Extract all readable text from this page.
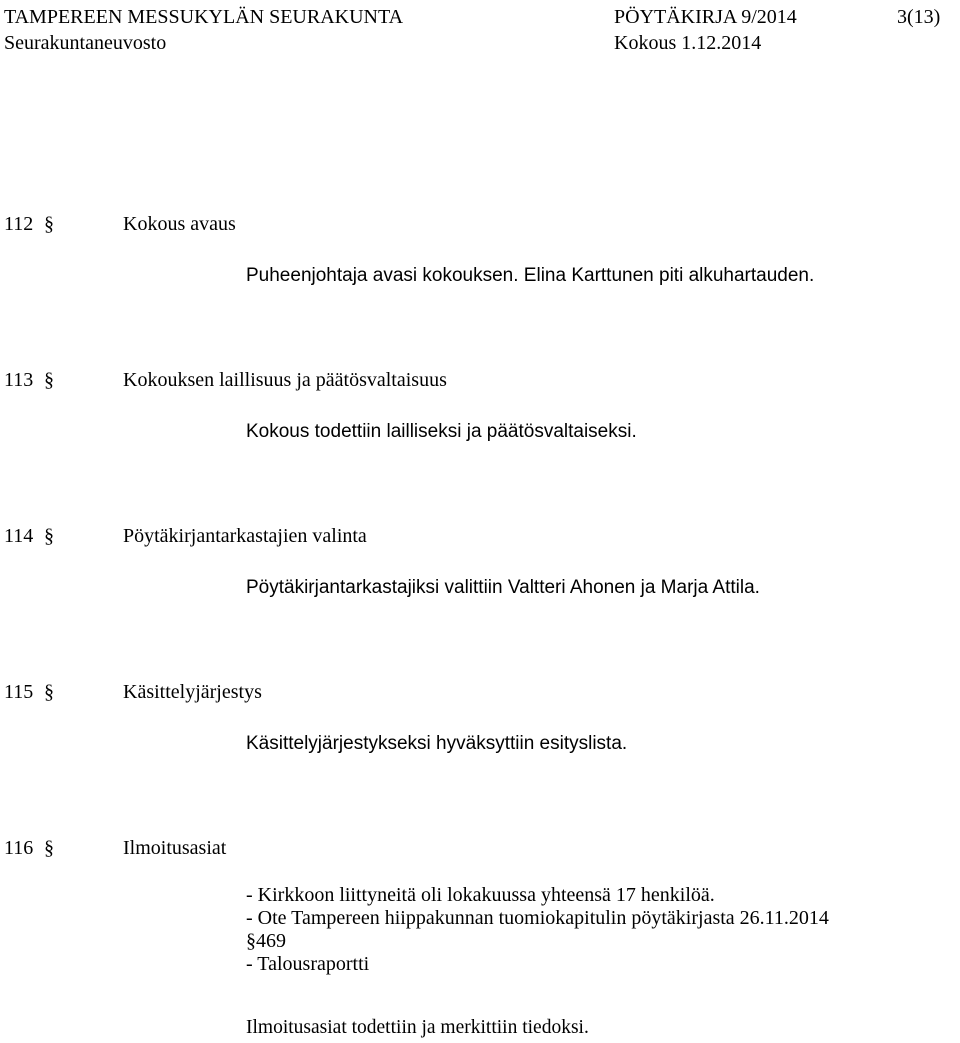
TAMPEREEN MESSUKYLÄN SEURAKUNTA
Seurakuntaneuvosto
PÖYTÄKIRJA 9/2014
Kokous 1.12.2014
3(13)
112 §	Kokous avaus
Puheenjohtaja avasi kokouksen. Elina Karttunen piti alkuhartauden.
113 §	Kokouksen laillisuus ja päätösvaltaisuus
Kokous todettiin lailliseksi ja päätösvaltaiseksi.
114 §	Pöytäkirjantarkastajien valinta
Pöytäkirjantarkastajiksi valittiin Valtteri Ahonen ja Marja Attila.
115 §	Käsittelyjärjestys
Käsittelyjärjestykseksi hyväksyttiin esityslista.
116 §	Ilmoitusasiat
- Kirkkoon liittyneitä oli lokakuussa yhteensä 17 henkilöä.
- Ote Tampereen hiippakunnan tuomiokapitulin pöytäkirjasta 26.11.2014
§469
- Talousraportti
Ilmoitusasiat todettiin ja merkittiin tiedoksi.
